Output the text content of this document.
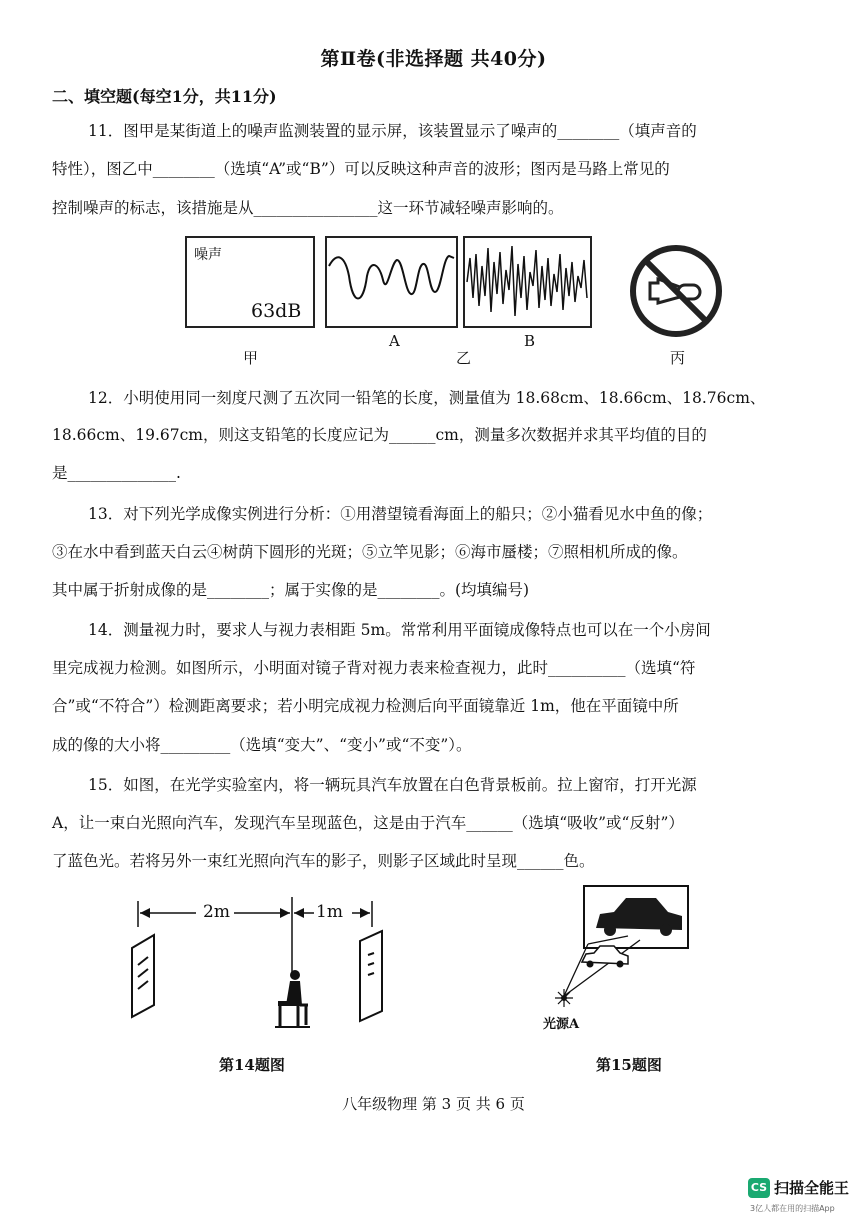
第Ⅱ卷(非选择题 共40分)
二、填空题(每空1分，共11分)
11．图甲是某街道上的噪声监测装置的显示屏，该装置显示了噪声的________（填声音的
特性），图乙中________（选填“A”或“B”）可以反映这种声音的波形；图丙是马路上常见的
控制噪声的标志，该措施是从________________这一环节减轻噪声影响的。
噪声
63dB
A	B
甲	乙	丙
12．小明使用同一刻度尺测了五次同一铅笔的长度，测量值为 18.68cm、18.66cm、18.76cm、
18.66cm、19.67cm，则这支铅笔的长度应记为______cm，测量多次数据并求其平均值的目的
是______________.
13．对下列光学成像实例进行分析：①用潜望镜看海面上的船只；②小猫看见水中鱼的像；
③在水中看到蓝天白云④树荫下圆形的光斑；⑤立竿见影；⑥海市蜃楼；⑦照相机所成的像。
其中属于折射成像的是________；属于实像的是________。(均填编号)
14．测量视力时，要求人与视力表相距 5m。常常利用平面镜成像特点也可以在一个小房间
里完成视力检测。如图所示，小明面对镜子背对视力表来检查视力，此时__________（选填“符
合”或“不符合”）检测距离要求；若小明完成视力检测后向平面镜靠近 1m，他在平面镜中所
成的像的大小将_________（选填“变大”、“变小”或“不变”）。
15．如图，在光学实验室内，将一辆玩具汽车放置在白色背景板前。拉上窗帘，打开光源
A，让一束白光照向汽车，发现汽车呈现蓝色，这是由于汽车______（选填“吸收”或“反射”）
了蓝色光。若将另外一束红光照向汽车的影子，则影子区域此时呈现______色。
2m	1m
第14题图
光源A
第15题图
八年级物理 第 3 页 共 6 页
CS 扫描全能王
3亿人都在用的扫描App
